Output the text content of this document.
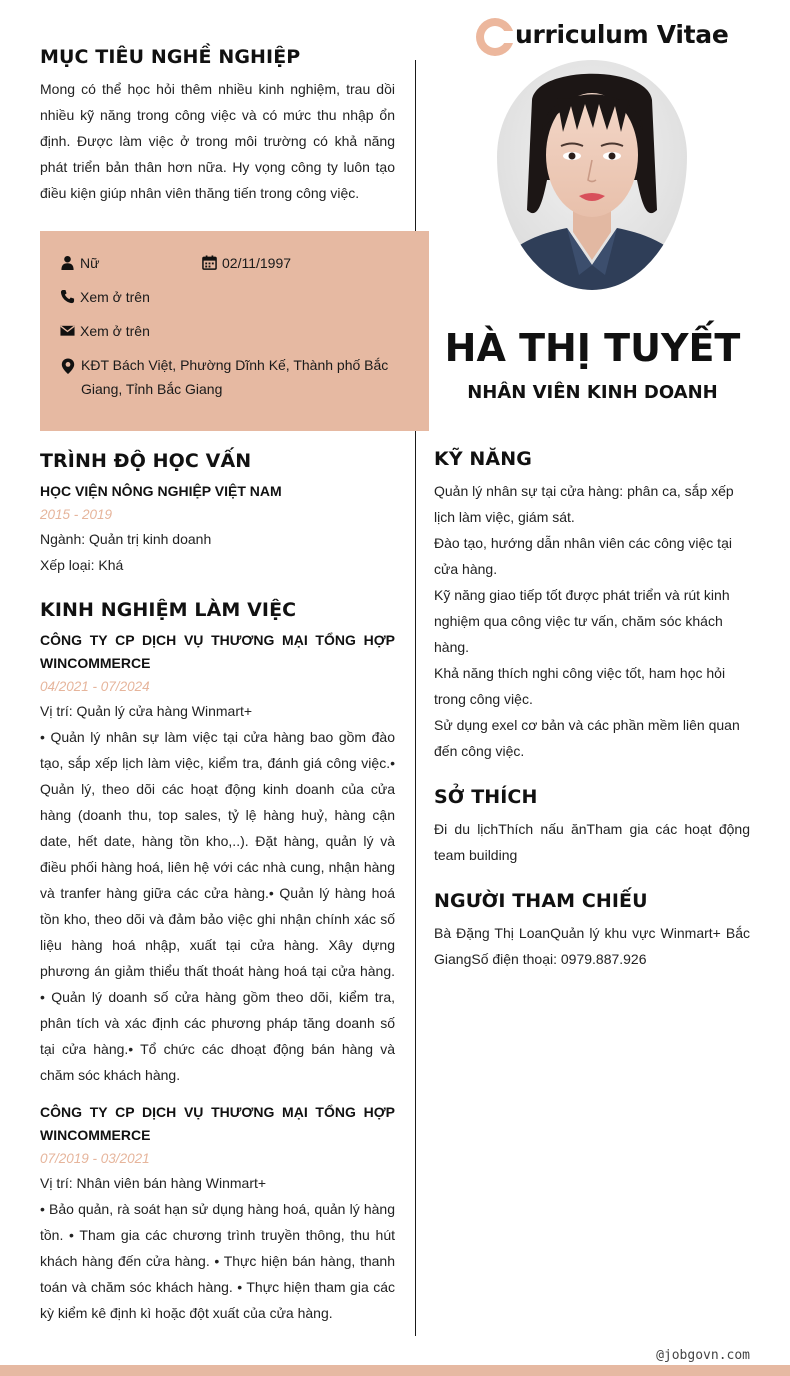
urriculum Vitae
MỤC TIÊU NGHỀ NGHIỆP
Mong có thể học hỏi thêm nhiều kinh nghiệm, trau dồi nhiều kỹ năng trong công việc và có mức thu nhập ổn định. Được làm việc ở trong môi trường có khả năng phát triển bản thân hơn nữa. Hy vọng công ty luôn tạo điều kiện giúp nhân viên thăng tiến trong công việc.
Nữ	02/11/1997
Xem ở trên
Xem ở trên
KĐT Bách Việt, Phường Dĩnh Kế, Thành phố Bắc
Giang, Tỉnh Bắc Giang
HÀ THỊ TUYẾT
NHÂN VIÊN KINH DOANH
TRÌNH ĐỘ HỌC VẤN
HỌC VIỆN NÔNG NGHIỆP VIỆT NAM
2015 - 2019
Ngành: Quản trị kinh doanh
Xếp loại: Khá
KINH NGHIỆM LÀM VIỆC
CÔNG TY CP DỊCH VỤ THƯƠNG MẠI TỔNG HỢP WINCOMMERCE
04/2021 - 07/2024
Vị trí: Quản lý cửa hàng Winmart+
• Quản lý nhân sự làm việc tại cửa hàng bao gồm đào tạo, sắp xếp lịch làm việc, kiểm tra, đánh giá công việc.• Quản lý, theo dõi các hoạt động kinh doanh của cửa hàng (doanh thu, top sales, tỷ lệ hàng huỷ, hàng cận date, hết date, hàng tồn kho,..). Đặt hàng, quản lý và điều phối hàng hoá, liên hệ với các nhà cung, nhận hàng và tranfer hàng giữa các cửa hàng.• Quản lý hàng hoá tồn kho, theo dõi và đảm bảo việc ghi nhận chính xác số liệu hàng hoá nhập, xuất tại cửa hàng. Xây dựng phương án giảm thiểu thất thoát hàng hoá tại cửa hàng. • Quản lý doanh số cửa hàng gồm theo dõi, kiểm tra, phân tích và xác định các phương pháp tăng doanh số tại cửa hàng.• Tổ chức các dhoạt động bán hàng và chăm sóc khách hàng.
CÔNG TY CP DỊCH VỤ THƯƠNG MẠI TỔNG HỢP WINCOMMERCE
07/2019 - 03/2021
Vị trí: Nhân viên bán hàng Winmart+
• Bảo quản, rà soát hạn sử dụng hàng hoá, quản lý hàng tồn. • Tham gia các chương trình truyền thông, thu hút khách hàng đến cửa hàng. • Thực hiện bán hàng, thanh toán và chăm sóc khách hàng. • Thực hiện tham gia các kỳ kiểm kê định kì hoặc đột xuất của cửa hàng.
KỸ NĂNG
Quản lý nhân sự tại cửa hàng: phân ca, sắp xếp lịch làm việc, giám sát.
Đào tạo, hướng dẫn nhân viên các công việc tại cửa hàng.
Kỹ năng giao tiếp tốt được phát triển và rút kinh nghiệm qua công việc tư vấn, chăm sóc khách hàng.
Khả năng thích nghi công việc tốt, ham học hỏi trong công việc.
Sử dụng exel cơ bản và các phần mềm liên quan đến công việc.
SỞ THÍCH
Đi du lịchThích nấu ănTham gia các hoạt động team building
NGƯỜI THAM CHIẾU
Bà Đặng Thị LoanQuản lý khu vực Winmart+ Bắc GiangSố điện thoại: 0979.887.926
@jobgovn.com
